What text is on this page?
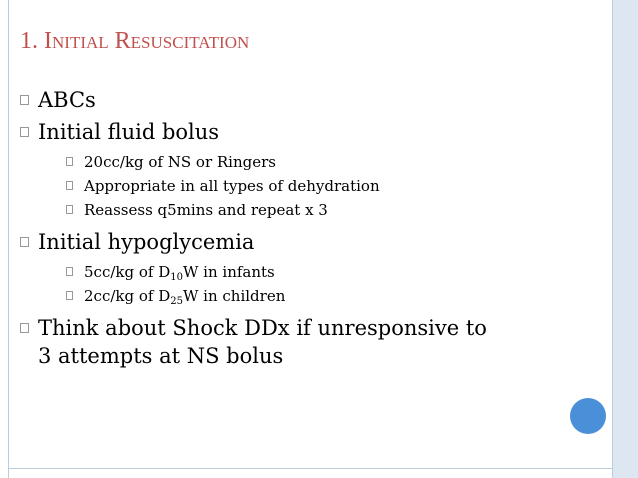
1. INITIAL RESUSCITATION
ABCs
Initial fluid bolus
20cc/kg of NS or Ringers
Appropriate in all types of dehydration
Reassess q5mins and repeat x 3
Initial hypoglycemia
5cc/kg of $D_{10}W$ in infants
2cc/kg of $D_{25}W$ in children
Think about Shock DDx if unresponsive to
3 attempts at NS bolus
